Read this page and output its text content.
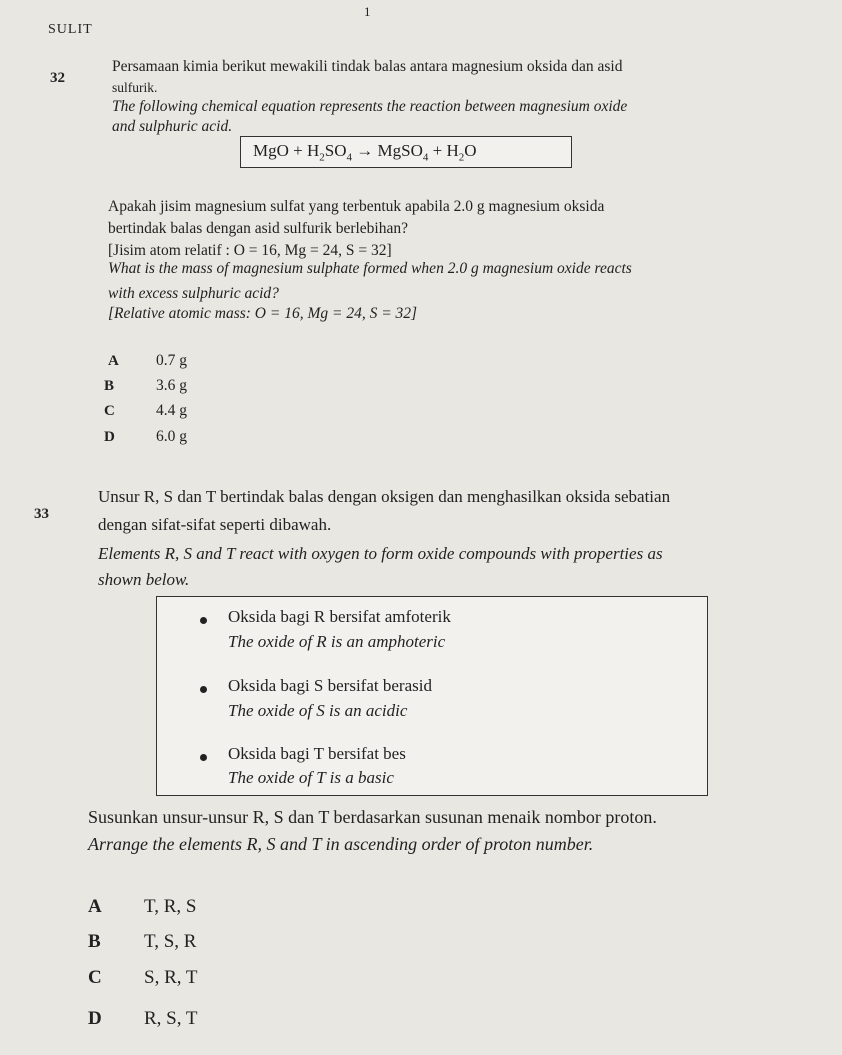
SULIT
1
32
Persamaan kimia berikut mewakili tindak balas antara magnesium oksida dan asid
sulfurik.
The following chemical equation represents the reaction between magnesium oxide
and sulphuric acid.
MgO + $H_2SO_4$ → MgSO$_4$ + $H_2O$
Apakah jisim magnesium sulfat yang terbentuk apabila 2.0 g magnesium oksida
bertindak balas dengan asid sulfurik berlebihan?
[Jisim atom relatif : O = 16, Mg = 24, S = 32]
What is the mass of magnesium sulphate formed when 2.0 g magnesium oxide reacts
with excess sulphuric acid?
[Relative atomic mass: O = 16, Mg = 24, S = 32]
A 0.7 g
B	3.6 g
C	4.4 g
D	6.0 g
33
Unsur R, S dan T bertindak balas dengan oksigen dan menghasilkan oksida sebatian
dengan sifat-sifat seperti dibawah.
Elements R, S and T react with oxygen to form oxide compounds with properties as
shown below.
Oksida bagi R bersifat amfoterik
The oxide of R is an amphoteric
Oksida bagi S bersifat berasid
The oxide of S is an acidic
Oksida bagi T bersifat bes
The oxide of T is a basic
Susunkan unsur-unsur R, S dan T berdasarkan susunan menaik nombor proton.
Arrange the elements R, S and T in ascending order of proton number.
A T, R, S
B T, S, R
C S, R, T
D R, S, T
